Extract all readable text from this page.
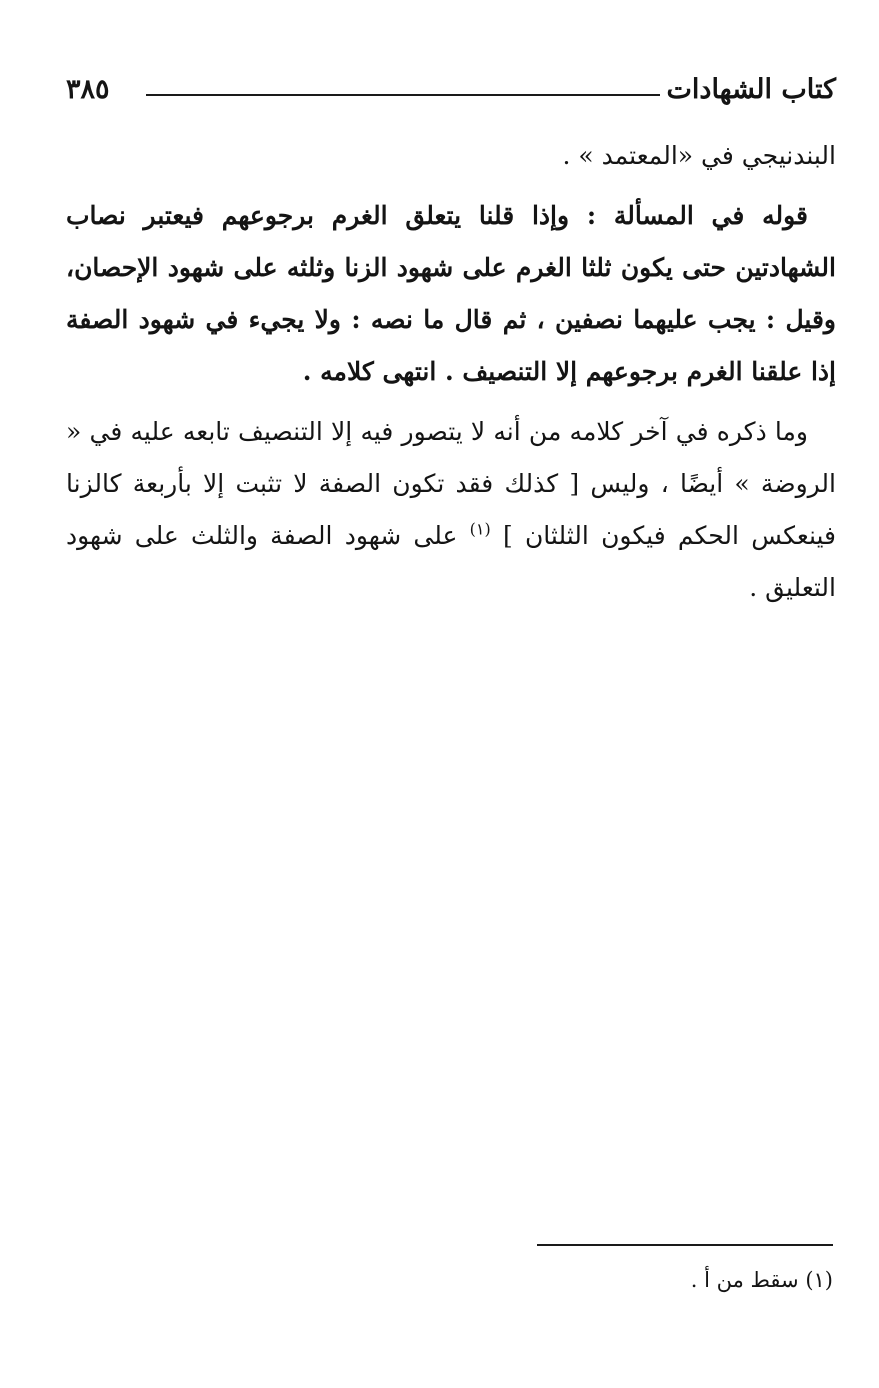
كتاب الشهادات
٣٨٥

البندنيجي في «المعتمد » .

قوله في المسألة : وإذا قلنا يتعلق الغرم برجوعهم فيعتبر نصاب الشهادتين حتى يكون ثلثا الغرم على شهود الزنا وثلثه على شهود الإحصان، وقيل : يجب عليهما نصفين ، ثم قال ما نصه : ولا يجيء في شهود الصفة إذا علقنا الغرم برجوعهم إلا التنصيف . انتهى كلامه .

وما ذكره في آخر كلامه من أنه لا يتصور فيه إلا التنصيف تابعه عليه في « الروضة » أيضًا ، وليس [ كذلك فقد تكون الصفة لا تثبت إلا بأربعة كالزنا فينعكس الحكم فيكون الثلثان ] $^{(١)}$ على شهود الصفة والثلث على شهود التعليق .

(١) سقط من أ .
